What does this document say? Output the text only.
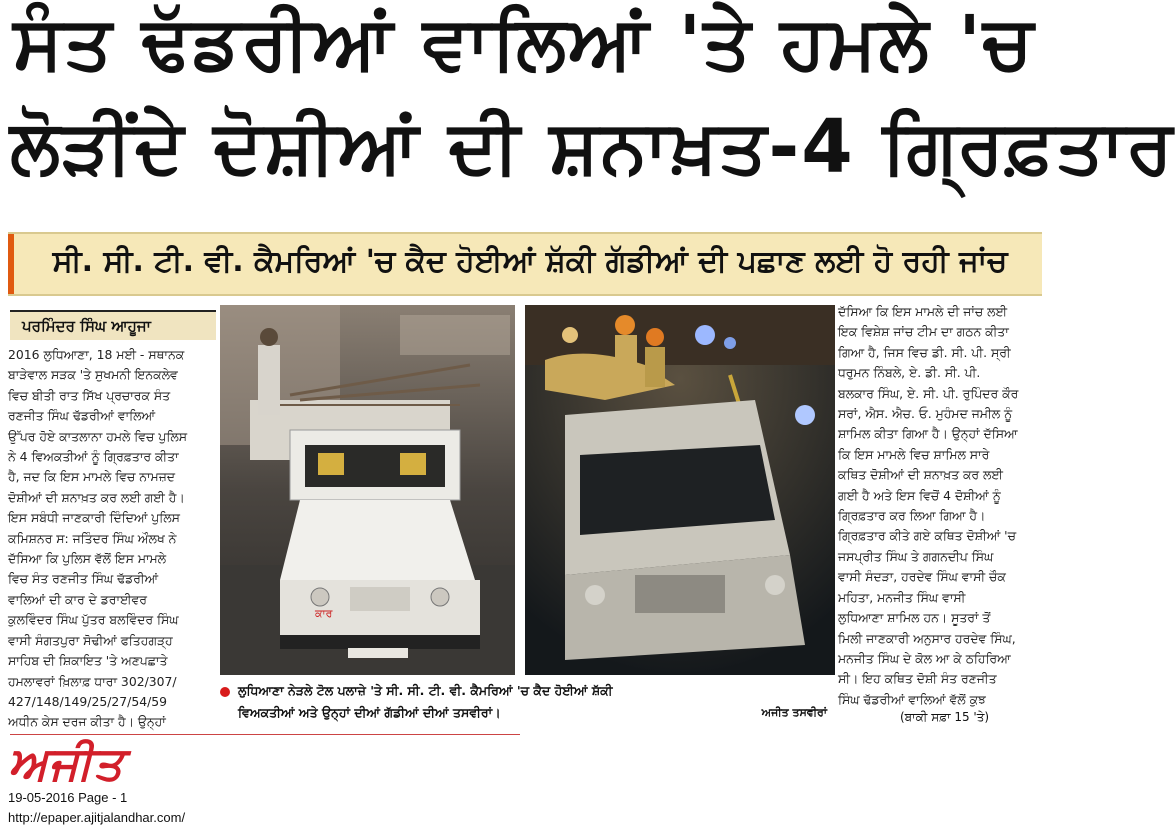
ਸੰਤ ਢੱਡਰੀਆਂ ਵਾਲਿਆਂ 'ਤੇ ਹਮਲੇ 'ਚ
ਲੋੜੀਂਦੇ ਦੋਸ਼ੀਆਂ ਦੀ ਸ਼ਨਾਖ਼ਤ-4 ਗ੍ਰਿਫ਼ਤਾਰ
ਸੀ. ਸੀ. ਟੀ. ਵੀ. ਕੈਮਰਿਆਂ 'ਚ ਕੈਦ ਹੋਈਆਂ ਸ਼ੱਕੀ ਗੱਡੀਆਂ ਦੀ ਪਛਾਣ ਲਈ ਹੋ ਰਹੀ ਜਾਂਚ
ਪਰਮਿੰਦਰ ਸਿੰਘ ਆਹੂਜਾ
2016 ਲੁਧਿਆਣਾ, 18 ਮਈ - ਸਥਾਨਕ
ਬਾੜੇਵਾਲ ਸੜਕ 'ਤੇ ਸੁਖਮਨੀ ਇਨਕਲੇਵ
ਵਿਚ ਬੀਤੀ ਰਾਤ ਸਿੱਖ ਪ੍ਰਚਾਰਕ ਸੰਤ
ਰਣਜੀਤ ਸਿੰਘ ਢੱਡਰੀਆਂ ਵਾਲਿਆਂ
ਉੱਪਰ ਹੋਏ ਕਾਤਲਾਨਾ ਹਮਲੇ ਵਿਚ ਪੁਲਿਸ
ਨੇ 4 ਵਿਅਕਤੀਆਂ ਨੂੰ ਗ੍ਰਿਫ਼ਤਾਰ ਕੀਤਾ
ਹੈ, ਜਦ ਕਿ ਇਸ ਮਾਮਲੇ ਵਿਚ ਨਾਮਜ਼ਦ
ਦੋਸ਼ੀਆਂ ਦੀ ਸ਼ਨਾਖ਼ਤ ਕਰ ਲਈ ਗਈ ਹੈ।
ਇਸ ਸਬੰਧੀ ਜਾਣਕਾਰੀ ਦਿੰਦਿਆਂ ਪੁਲਿਸ
ਕਮਿਸ਼ਨਰ ਸ: ਜਤਿੰਦਰ ਸਿੰਘ ਔਲਖ ਨੇ
ਦੱਸਿਆ ਕਿ ਪੁਲਿਸ ਵੱਲੋਂ ਇਸ ਮਾਮਲੇ
ਵਿਚ ਸੰਤ ਰਣਜੀਤ ਸਿੰਘ ਢੱਡਰੀਆਂ
ਵਾਲਿਆਂ ਦੀ ਕਾਰ ਦੇ ਡਰਾਈਵਰ
ਕੁਲਵਿੰਦਰ ਸਿੰਘ ਪੁੱਤਰ ਬਲਵਿੰਦਰ ਸਿੰਘ
ਵਾਸੀ ਸੰਗਤਪੁਰਾ ਸੋਢੀਆਂ ਫਤਿਹਗੜ੍ਹ
ਸਾਹਿਬ ਦੀ ਸ਼ਿਕਾਇਤ 'ਤੇ ਅਣਪਛਾਤੇ
ਹਮਲਾਵਰਾਂ ਖ਼ਿਲਾਫ਼ ਧਾਰਾ 302/307/
427/148/149/25/27/54/59
ਅਧੀਨ ਕੇਸ ਦਰਜ ਕੀਤਾ ਹੈ। ਉਨ੍ਹਾਂ
ਦੱਸਿਆ ਕਿ ਇਸ ਮਾਮਲੇ ਦੀ ਜਾਂਚ ਲਈ
ਇਕ ਵਿਸ਼ੇਸ਼ ਜਾਂਚ ਟੀਮ ਦਾ ਗਠਨ ਕੀਤਾ
ਗਿਆ ਹੈ, ਜਿਸ ਵਿਚ ਡੀ. ਸੀ. ਪੀ. ਸ੍ਰੀ
ਧਰੁਮਨ ਨਿੰਬਲੇ, ਏ. ਡੀ. ਸੀ. ਪੀ.
ਬਲਕਾਰ ਸਿੰਘ, ਏ. ਸੀ. ਪੀ. ਰੁਪਿੰਦਰ ਕੌਰ
ਸਰਾਂ, ਐਸ. ਐਚ. ਓ. ਮੁਹੰਮਦ ਜਮੀਲ ਨੂੰ
ਸ਼ਾਮਿਲ ਕੀਤਾ ਗਿਆ ਹੈ। ਉਨ੍ਹਾਂ ਦੱਸਿਆ
ਕਿ ਇਸ ਮਾਮਲੇ ਵਿਚ ਸ਼ਾਮਿਲ ਸਾਰੇ
ਕਥਿਤ ਦੋਸ਼ੀਆਂ ਦੀ ਸ਼ਨਾਖ਼ਤ ਕਰ ਲਈ
ਗਈ ਹੈ ਅਤੇ ਇਸ ਵਿਚੋਂ 4 ਦੋਸ਼ੀਆਂ ਨੂੰ
ਗ੍ਰਿਫ਼ਤਾਰ ਕਰ ਲਿਆ ਗਿਆ ਹੈ।
ਗ੍ਰਿਫ਼ਤਾਰ ਕੀਤੇ ਗਏ ਕਥਿਤ ਦੋਸ਼ੀਆਂ 'ਚ
ਜਸਪ੍ਰੀਤ ਸਿੰਘ ਤੇ ਗਗਨਦੀਪ ਸਿੰਘ
ਵਾਸੀ ਸੰਦੜਾ, ਹਰਦੇਵ ਸਿੰਘ ਵਾਸੀ ਚੌਕ
ਮਹਿਤਾ, ਮਨਜੀਤ ਸਿੰਘ ਵਾਸੀ
ਲੁਧਿਆਣਾ ਸ਼ਾਮਿਲ ਹਨ। ਸੂਤਰਾਂ ਤੋਂ
ਮਿਲੀ ਜਾਣਕਾਰੀ ਅਨੁਸਾਰ ਹਰਦੇਵ ਸਿੰਘ,
ਮਨਜੀਤ ਸਿੰਘ ਦੇ ਕੋਲ ਆ ਕੇ ਠਹਿਰਿਆ
ਸੀ। ਇਹ ਕਥਿਤ ਦੋਸ਼ੀ ਸੰਤ ਰਣਜੀਤ
ਸਿੰਘ ਢੱਡਰੀਆਂ ਵਾਲਿਆਂ ਵੱਲੋਂ ਕੁਝ
(ਬਾਕੀ ਸਫ਼ਾ 15 'ਤੇ)
ਕਾਰ
ਲੁਧਿਆਣਾ ਨੇੜਲੇ ਟੋਲ ਪਲਾਜ਼ੇ 'ਤੇ ਸੀ. ਸੀ. ਟੀ. ਵੀ. ਕੈਮਰਿਆਂ 'ਚ ਕੈਦ ਹੋਈਆਂ ਸ਼ੱਕੀ
ਵਿਅਕਤੀਆਂ ਅਤੇ ਉਨ੍ਹਾਂ ਦੀਆਂ ਗੱਡੀਆਂ ਦੀਆਂ ਤਸਵੀਰਾਂ।	ਅਜੀਤ ਤਸਵੀਰਾਂ
ਅਜੀਤ
19-05-2016 Page - 1
http://epaper.ajitjalandhar.com/
